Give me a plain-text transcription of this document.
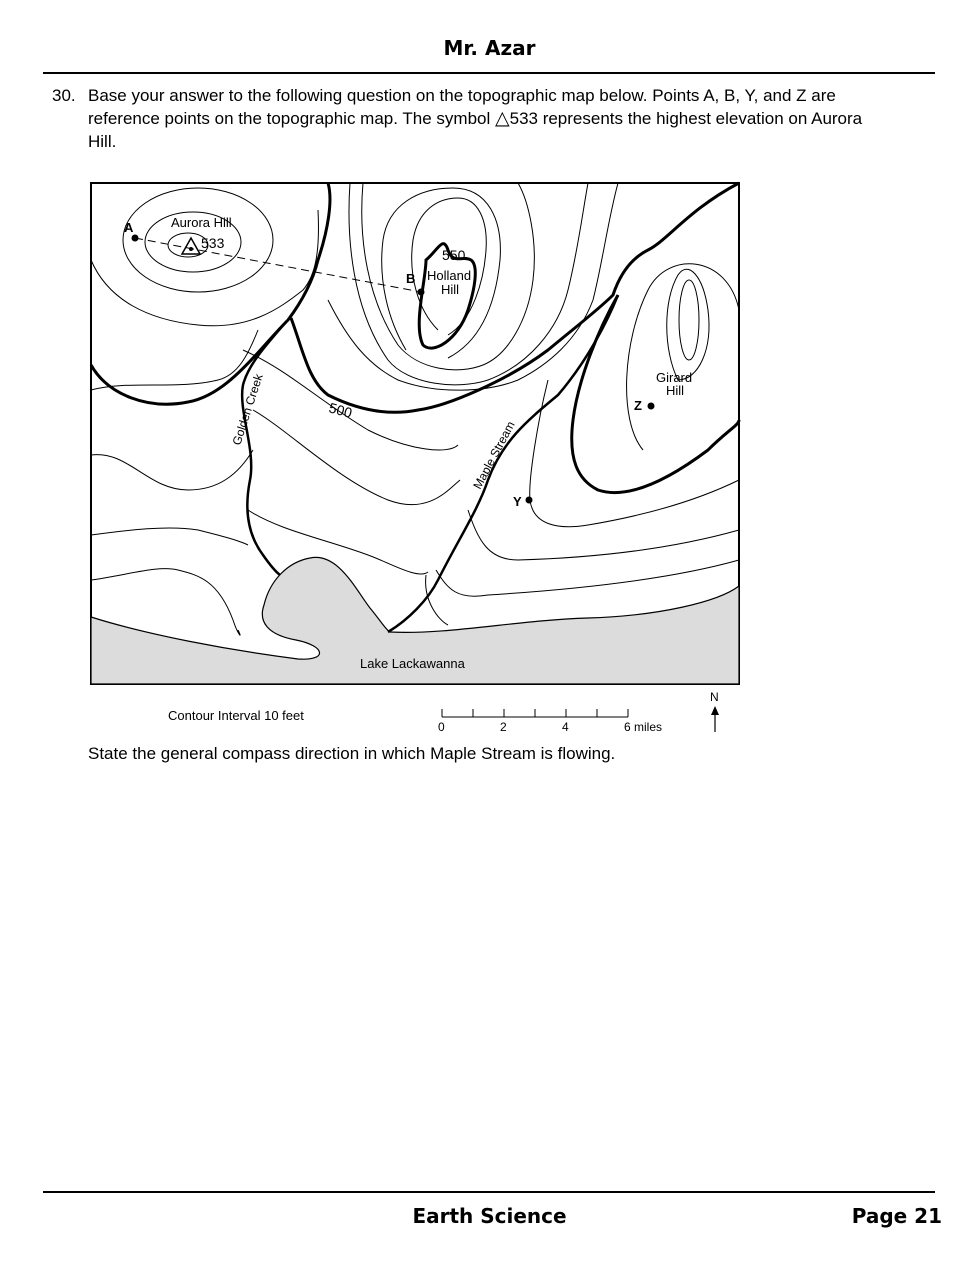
Mr. Azar
30. Base your answer to the following question on the topographic map below. Points A, B, Y, and Z are reference points on the topographic map. The symbol △533 represents the highest elevation on Aurora Hill.
A
B
Y
Z
Aurora Hill
533
550
Holland
Hill
Girard
Hill
500
Golden Creek
Maple Stream
Lake Lackawanna
Contour Interval 10 feet
N
0	2	4	6 miles
State the general compass direction in which Maple Stream is flowing.
Earth Science	Page 21
